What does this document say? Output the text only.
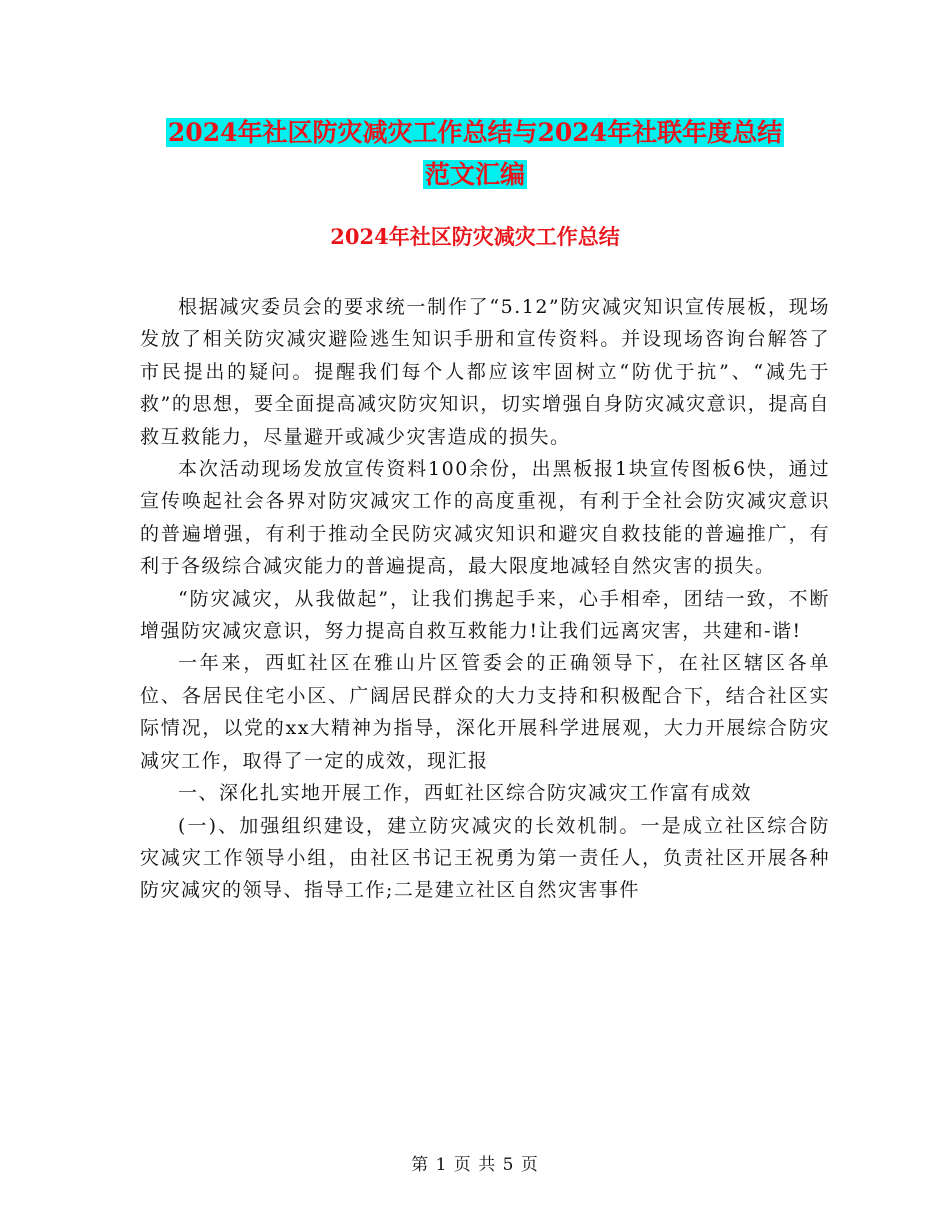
2024年社区防灾减灾工作总结与2024年社联年度总结
范文汇编
2024年社区防灾减灾工作总结

根据减灾委员会的要求统一制作了“5.12”防灾减灾知识宣传展板，现场发放了相关防灾减灾避险逃生知识手册和宣传资料。并设现场咨询台解答了市民提出的疑问。提醒我们每个人都应该牢固树立“防优于抗”、“减先于救”的思想，要全面提高减灾防灾知识，切实增强自身防灾减灾意识，提高自救互救能力，尽量避开或减少灾害造成的损失。

本次活动现场发放宣传资料100余份，出黑板报1块宣传图板6快，通过宣传唤起社会各界对防灾减灾工作的高度重视，有利于全社会防灾减灾意识的普遍增强，有利于推动全民防灾减灾知识和避灾自救技能的普遍推广，有利于各级综合减灾能力的普遍提高，最大限度地减轻自然灾害的损失。

“防灾减灾，从我做起”，让我们携起手来，心手相牵，团结一致，不断增强防灾减灾意识，努力提高自救互救能力!让我们远离灾害，共建和-谐!

一年来，西虹社区在雅山片区管委会的正确领导下，在社区辖区各单位、各居民住宅小区、广阔居民群众的大力支持和积极配合下，结合社区实际情况，以党的xx大精神为指导，深化开展科学进展观，大力开展综合防灾减灾工作，取得了一定的成效，现汇报

一、深化扎实地开展工作，西虹社区综合防灾减灾工作富有成效

(一)、加强组织建设，建立防灾减灾的长效机制。一是成立社区综合防灾减灾工作领导小组，由社区书记王祝勇为第一责任人，负责社区开展各种防灾减灾的领导、指导工作;二是建立社区自然灾害事件

第 1 页 共 5 页
